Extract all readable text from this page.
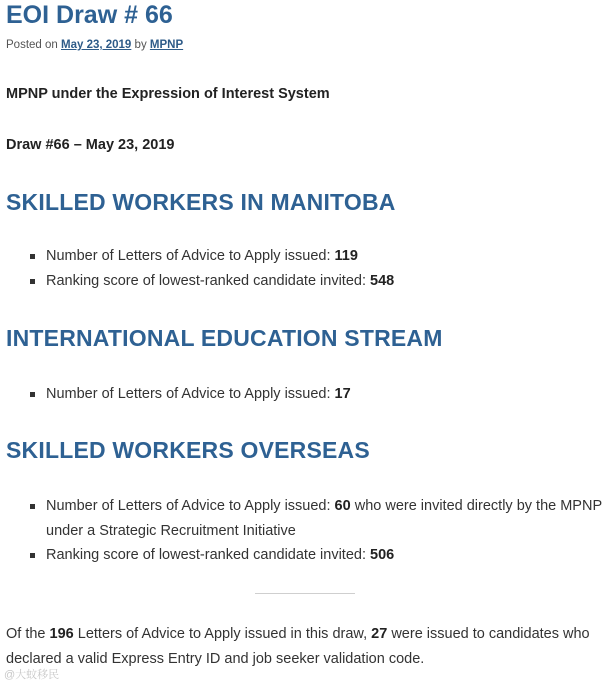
EOI Draw # 66
Posted on May 23, 2019 by MPNP
MPNP under the Expression of Interest System
Draw #66 – May 23, 2019
SKILLED WORKERS IN MANITOBA
Number of Letters of Advice to Apply issued: 119
Ranking score of lowest-ranked candidate invited: 548
INTERNATIONAL EDUCATION STREAM
Number of Letters of Advice to Apply issued: 17
SKILLED WORKERS OVERSEAS
Number of Letters of Advice to Apply issued: 60 who were invited directly by the MPNP under a Strategic Recruitment Initiative
Ranking score of lowest-ranked candidate invited: 506
Of the 196 Letters of Advice to Apply issued in this draw, 27 were issued to candidates who declared a valid Express Entry ID and job seeker validation code.
@大蚊移民
